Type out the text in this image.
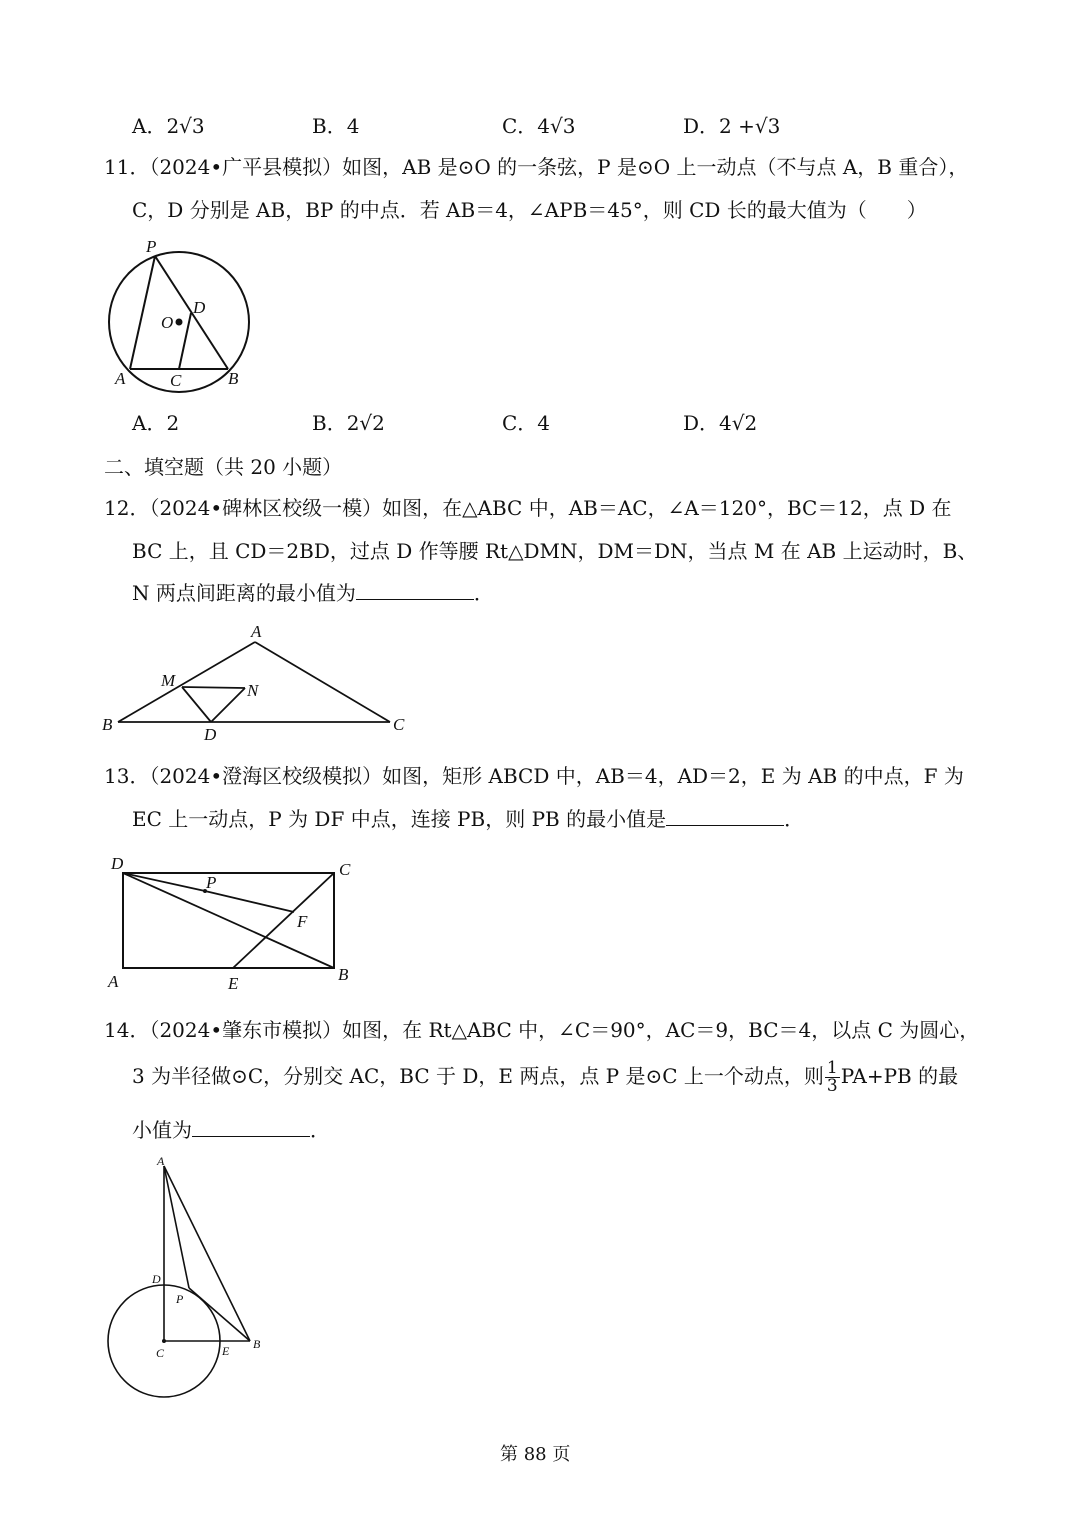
A．2√3	B．4	C．4√3	D．2 +√3
11．（2024•广平县模拟）如图，AB 是⊙O 的一条弦，P 是⊙O 上一动点（不与点 A，B 重合），
C，D 分别是 AB，BP 的中点．若 AB＝4，∠APB＝45°，则 CD 长的最大值为（　　）
P
O
D
A	C	B
A．2	B．2√2	C．4	D．4√2
二、填空题（共 20 小题）
12．（2024•碑林区校级一模）如图，在△ABC 中，AB＝AC，∠A＝120°，BC＝12，点 D 在
BC 上，且 CD＝2BD，过点 D 作等腰 Rt△DMN，DM＝DN，当点 M 在 AB 上运动时，B、
N 两点间距离的最小值为	．
A
M
N
B
D
C
13．（2024•澄海区校级模拟）如图，矩形 ABCD 中，AB＝4，AD＝2，E 为 AB 的中点，F 为
EC 上一动点，P 为 DF 中点，连接 PB，则 PB 的最小值是	．
D	C
P
F
A	E	B
14．（2024•肇东市模拟）如图，在 Rt△ABC 中，∠C＝90°，AC＝9，BC＝4，以点 C 为圆心，
3 为半径做⊙C，分别交 AC，BC 于 D，E 两点，点 P 是⊙C 上一个动点，则 $\frac{1}{3} PA+PB$ 的最
小值为	．
A
D
P
C	E B
第 88 页
